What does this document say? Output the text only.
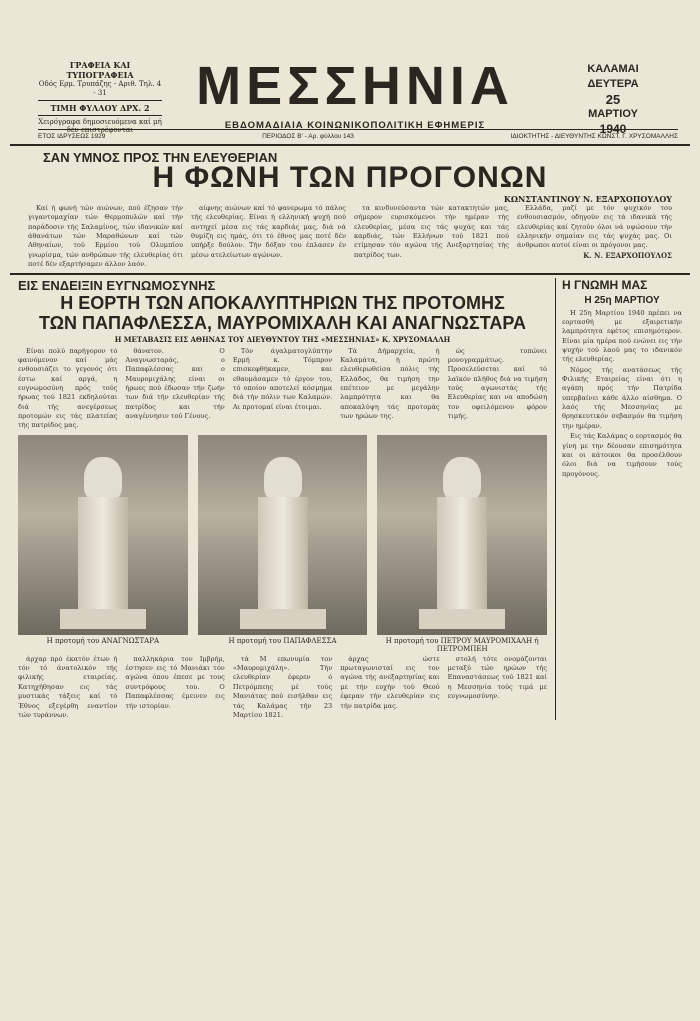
ΓΡΑΦΕΙΑ ΚΑΙ ΤΥΠΟΓΡΑΦΕΙΑ
Οδός Ερμ. Τρυπάζης - Αριθ. Τηλ. 4 - 31
ΤΙΜΗ ΦΥΛΛΟΥ ΔΡΧ. 2
Χειρόγραφα δημοσιευόμενα καί μή
δέν επιστρέφονται
ΜΕΣΣΗΝΙΑ
ΕΒΔΟΜΑΔΙΑΙΑ ΚΟΙΝΩΝΙΚΟΠΟΛΙΤΙΚΗ ΕΦΗΜΕΡΙΣ
ΚΑΛΑΜΑΙ
ΔΕΥΤΕΡΑ
25
ΜΑΡΤΙΟΥ
1940
ΕΤΟΣ ΙΔΡΥΣΕΩΣ 1929	ΠΕΡΙΟΔΟΣ Β' - Αρ. φύλλου 143	ΙΔΙΟΚΤΗΤΗΣ - ΔΙΕΥΘΥΝΤΗΣ ΚΩΝΣΤ. Γ. ΧΡΥΣΟΜΑΛΛΗΣ
ΣΑΝ ΥΜΝΟΣ ΠΡΟΣ ΤΗΝ ΕΛΕΥΘΕΡΙΑΝ
Η ΦΩΝΗ ΤΩΝ ΠΡΟΓΟΝΩΝ
ΚΩΝΣΤΑΝΤΙΝΟΥ Ν. ΕΞΑΡΧΟΠΟΥΛΟΥ

Καί ή φωνή τών αιώνων, πού έζησαν τήν γιγαντομαχίαν τών Θερμοπυλών καί τήν παράδοσιν τής Σαλαμίνος, τών ιδανικών καί άθανάτων τών Μαραθώνων καί τών Αθηναίων, τού Ερμίου τού Ολυμπίου γνωρίσμα, τών ανθρώπων τής ελευθερίας ότι ποτέ δέν εξαρτήσαμεν άλλον λαόν.

αίφνης αιώνων καί τό φανερωμα τό πάλος τής ελευθερίας. Είναι ή ελληνική ψυχή πού αντηχεί μέσα εις τάς καρδιάς μας, διά νά θυμίζη εις ημάς, ότι τό έθνος μας ποτέ δέν υπήρξε δούλον. Τήν δόξαν του έπλασεν έν μέσω ατελείωτων αγώνων.

τα κινδυνεύσαντα τών κατακτητών μας, σήμερον ευρισκόμενοι τήν ημέραν τής ελευθερίας, μέσα εις τάς ψυχάς και τάς καρδιάς, τών Ελλήνων τού 1821 πού ετίμησαν τόν αγώνα τής Ανεξαρτησίας τής πατρίδος των.

Ελλάδα, μαζί με τόν ψυχικόν του ενθουσιασμόν, οδηγούν εις τά ιδανικά τής ελευθερίας καί ζητούν όλοι νά υψώσουν τήν ελληνικήν σημαίαν εις τάς ψυχάς μας. Οι άνθρωποι αυτοί είναι οι πρόγονοι μας.

Κ. Ν. ΕΞΑΡΧΟΠΟΥΛΟΣ
ΕΙΣ ΕΝΔΕΙΞΙΝ ΕΥΓΝΩΜΟΣΥΝΗΣ
Η ΕΟΡΤΗ ΤΩΝ ΑΠΟΚΑΛΥΠΤΗΡΙΩΝ ΤΗΣ ΠΡΟΤΟΜΗΣ
ΤΩΝ ΠΑΠΑΦΛΕΣΣΑ, ΜΑΥΡΟΜΙΧΑΛΗ ΚΑΙ ΑΝΑΓΝΩΣΤΑΡΑ
Η ΜΕΤΑΒΑΣΙΣ ΕΙΣ ΑΘΗΝΑΣ ΤΟΥ ΔΙΕΥΘΥΝΤΟΥ ΤΗΣ «ΜΕΣΣΗΝΙΑΣ» Κ. ΧΡΥΣΟΜΑΛΛΗ

Είναι πολύ παρήγορον τό φαινόμενον καί μάς ενθουσιάζει το γεγονός ότι έστω καί αργά, η ευγνωμοσύνη πρός τούς ήρωας τού 1821 εκδηλούται διά τής ανεγέρσεως προτομών εις τάς πλατείας τής πατρίδος μας.

θάνατον. Ο Αναγνωσταράς, ο Παπαφλέσσας και ο Μαυρομιχάλης είναι οι ήρωες πού έδωσαν τήν ζωήν των διά τήν ελευθερίαν τής πατρίδος και τήν αναγέννησιν τού Γένους.

Τόν άγαλματογλύπτην Ερμή κ. Τόμπρον επισκεφθήκαμεν, και εθαυμάσαμεν τό έργον του, τό οποίον αποτελεί κόσμημα διά τήν πόλιν των Καλαμών. Αι προτομαί είναι έτοιμαι.

Τά Δήμαρχεία, ή Καλαμάτα, ή πρώτη ελευθερωθείσα πόλις τής Ελλάδος, θα τιμήση την επέτειον με μεγάλην λαμπρότητα και θα αποκαλύψη τάς προτομάς των ηρώων της.

ώς τυπώνει μονογραμμάτως. Προσελεύσεται καί τό λαϊκόν πλήθος διά να τιμήση τούς αγωνιστάς τής Ελευθερίας και να αποδώση τον οφειλόμενον φόρον τιμής.

Η προτομή του ΑΝΑΓΝΩΣΤΑΡΑ	Η προτομή του ΠΑΠΑΦΛΕΣΣΑ	Η προτομή του ΠΕΤΡΟΥ ΜΑΥΡΟΜΙΧΑΛΗ ή ΠΕΤΡΟΜΠΕΗ

άρχαρ πρό έκατόν έτων ή τόν τό άνατολικόν τής φιλικής εταιρείας. Κατηχήθησαν εις τάς μυστικάς τάξεις καί τό Έθνος εξεγέρθη εναντίον τών τυράννων.

παλληκάρια τον Ιμβρήμ, έστησεν εις τό Μανιάκι τόν αγώνα όπου έπεσε με τους συντρόφους του. Ο Παπαφλέσσας έμεινεν εις τήν ιστορίαν.

τά Μ επωνυμία τον «Μαυρομιχάλη». Τήν ελευθερίαν έφερεν ό Πετρόμπεης μέ τούς Μανιάτας πού εισήλθαν εις τάς Καλάμας τήν 23 Μαρτίου 1821.

άρχας ώστε πρωταγωνισταί εις τον αγώνα τής ανεξαρτησίας και με τήν ευχήν τού Θεού έφεραν τήν ελευθερίαν εις τήν πατρίδα μας.

στολή τότε ονομάζονται μεταξύ τών ηρώων τής Επαναστάσεως τού 1821 καί η Μεσσηνία τούς τιμά με ευγνωμοσύνην.

Η ΓΝΩΜΗ ΜΑΣ
Η 25η ΜΑΡΤΙΟΥ

Η 25η Μαρτίου 1940 πρέπει να εορτασθή με εξαιρετικήν λαμπρότητα εφέτος επισημότερον. Είναι μία ημέρα πού ενώνει εις τήν ψυχήν τού λαού μας το ιδανικόν τής ελευθερίας.

Νόμος τής ανατάσεως τής Φιλικής Εταιρείας είναι ότι η αγάπη πρός τήν Πατρίδα υπερβαίνει κάθε άλλο αίσθημα. Ο λαός τής Μεσσηνίας με θρησκευτικόν σεβασμόν θα τιμήση την ημέραν.

Εις τάς Καλάμας ο εορτασμός θα γίνη με την δέουσαν επισημότητα και οι κάτοικοι θα προσέλθουν όλοι διά να τιμήσουν τούς προγόνους.
